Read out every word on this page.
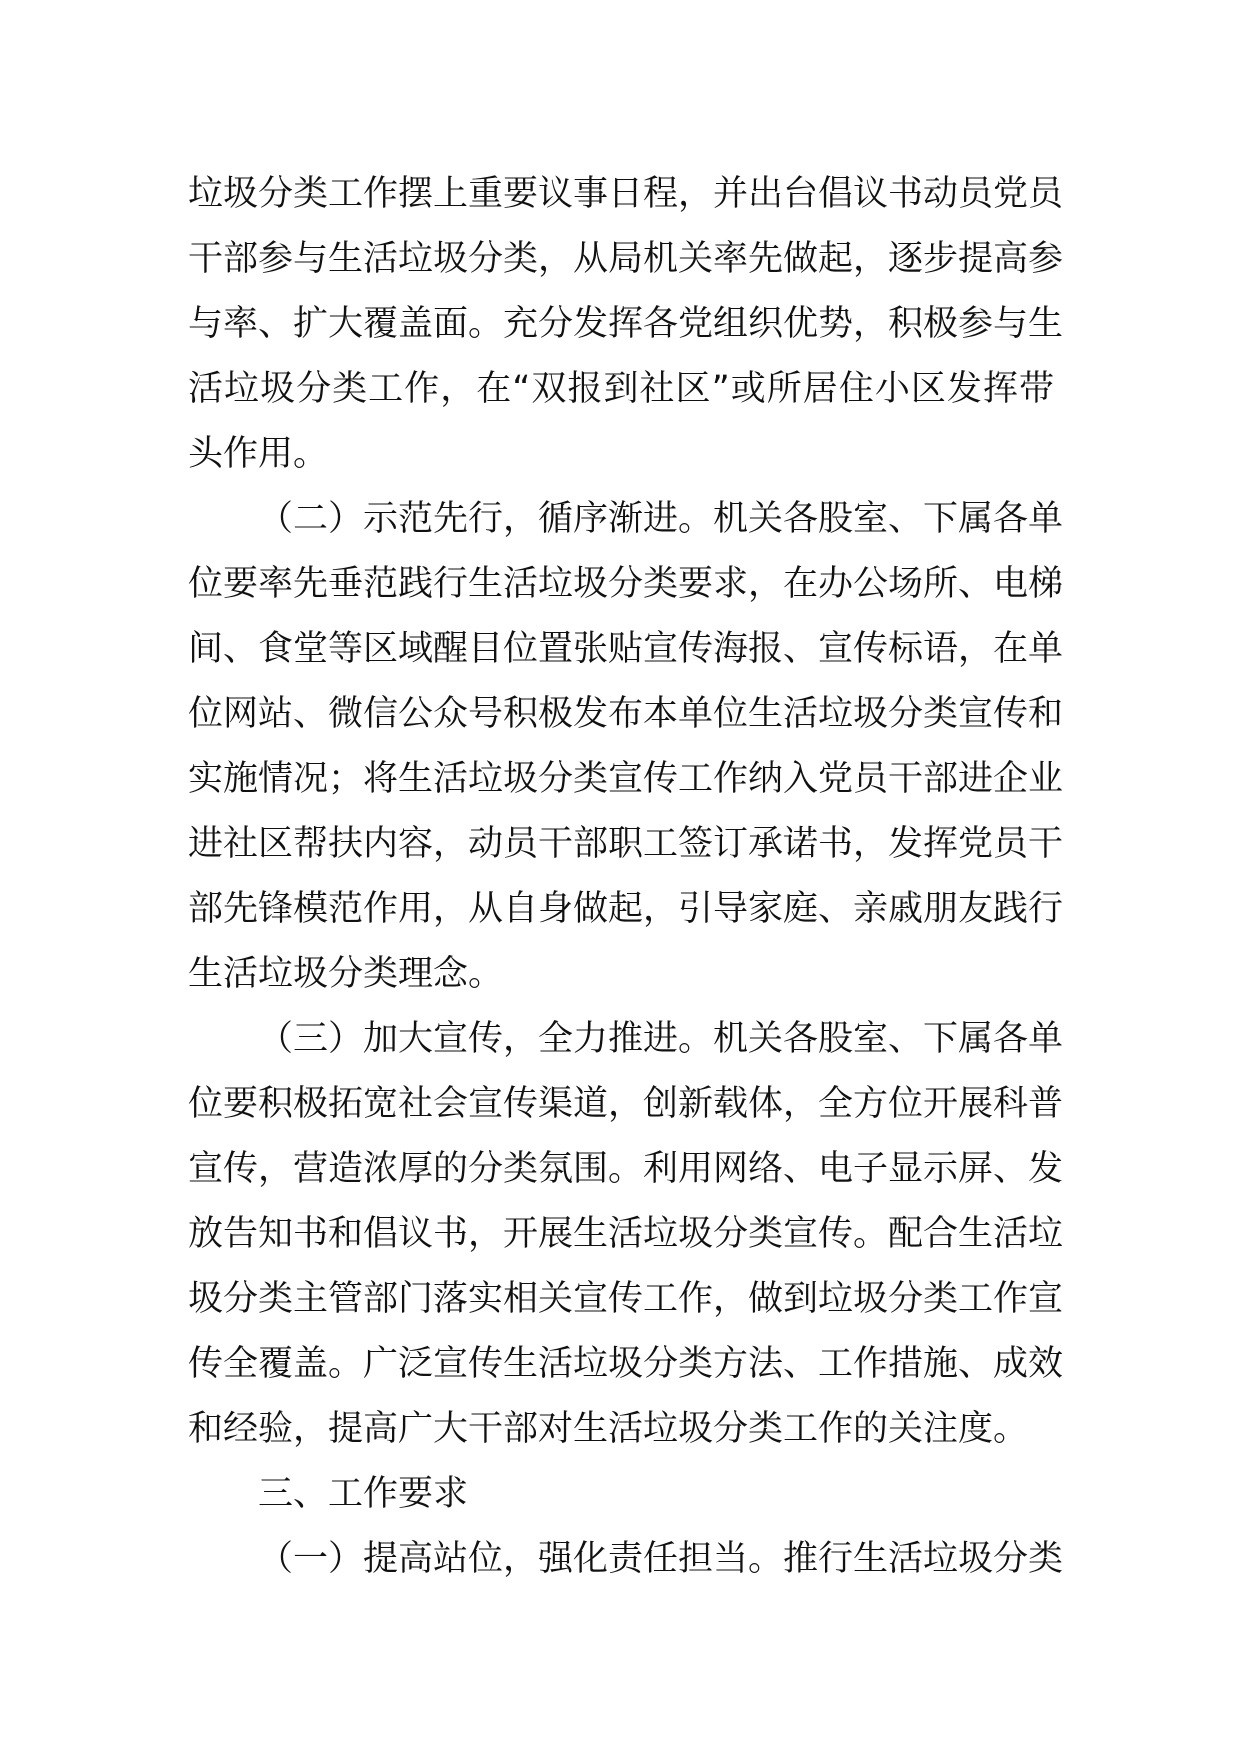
垃圾分类工作摆上重要议事日程，并出台倡议书动员党员
干部参与生活垃圾分类，从局机关率先做起，逐步提高参
与率、扩大覆盖面。充分发挥各党组织优势，积极参与生
活垃圾分类工作，在“双报到社区”或所居住小区发挥带
头作用。
（二）示范先行，循序渐进。机关各股室、下属各单
位要率先垂范践行生活垃圾分类要求，在办公场所、电梯
间、食堂等区域醒目位置张贴宣传海报、宣传标语，在单
位网站、微信公众号积极发布本单位生活垃圾分类宣传和
实施情况；将生活垃圾分类宣传工作纳入党员干部进企业
进社区帮扶内容，动员干部职工签订承诺书，发挥党员干
部先锋模范作用，从自身做起，引导家庭、亲戚朋友践行
生活垃圾分类理念。
（三）加大宣传，全力推进。机关各股室、下属各单
位要积极拓宽社会宣传渠道，创新载体，全方位开展科普
宣传，营造浓厚的分类氛围。利用网络、电子显示屏、发
放告知书和倡议书，开展生活垃圾分类宣传。配合生活垃
圾分类主管部门落实相关宣传工作，做到垃圾分类工作宣
传全覆盖。广泛宣传生活垃圾分类方法、工作措施、成效
和经验，提高广大干部对生活垃圾分类工作的关注度。
三、工作要求
（一）提高站位，强化责任担当。推行生活垃圾分类
